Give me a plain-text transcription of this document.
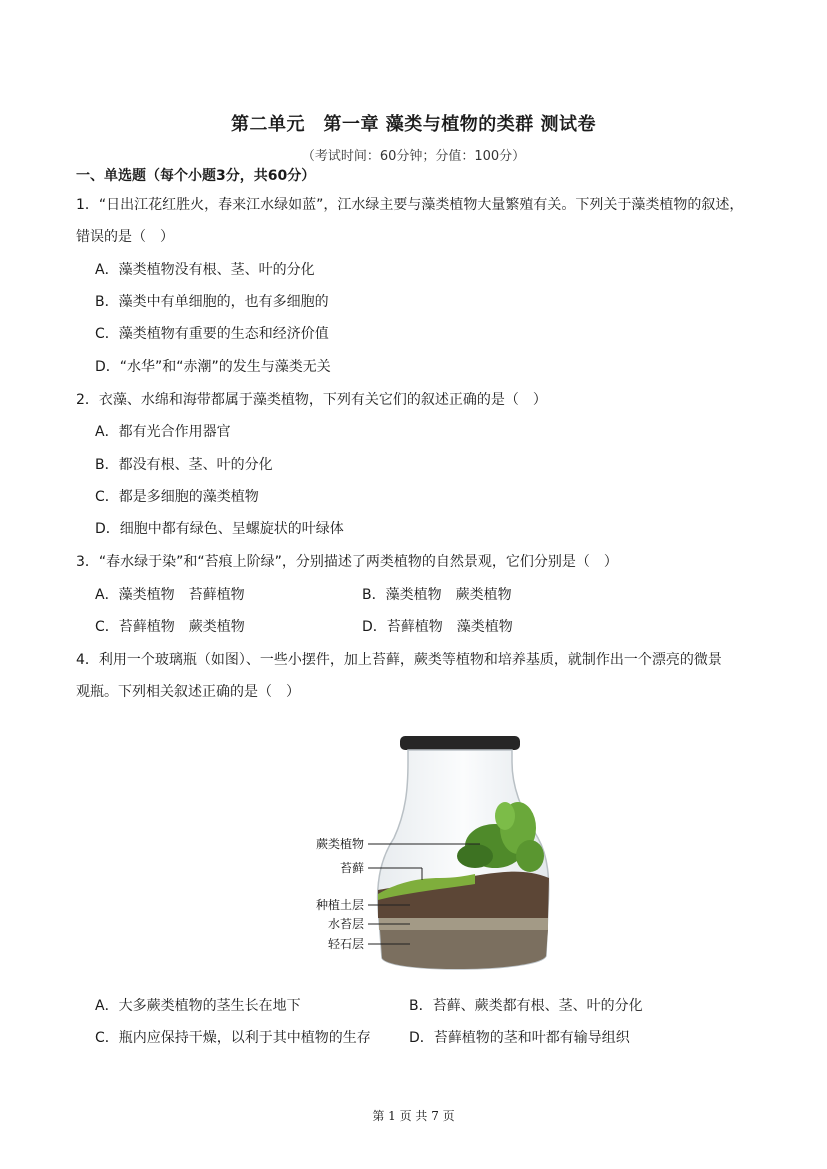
第二单元　第一章 藻类与植物的类群 测试卷
（考试时间：60分钟；分值：100分）
一、单选题（每个小题3分，共60分）
1．“日出江花红胜火，春来江水绿如蓝”，江水绿主要与藻类植物大量繁殖有关。下列关于藻类植物的叙述，
错误的是（　）
A．藻类植物没有根、茎、叶的分化
B．藻类中有单细胞的，也有多细胞的
C．藻类植物有重要的生态和经济价值
D．“水华”和“赤潮”的发生与藻类无关
2．衣藻、水绵和海带都属于藻类植物，下列有关它们的叙述正确的是（　）
A．都有光合作用器官
B．都没有根、茎、叶的分化
C．都是多细胞的藻类植物
D．细胞中都有绿色、呈螺旋状的叶绿体
3．“春水绿于染”和“苔痕上阶绿”，分别描述了两类植物的自然景观，它们分别是（　）
A．藻类植物　苔藓植物	B．藻类植物　蕨类植物
C．苔藓植物　蕨类植物	D．苔藓植物　藻类植物
4．利用一个玻璃瓶（如图）、一些小摆件，加上苔藓，蕨类等植物和培养基质，就制作出一个漂亮的微景
观瓶。下列相关叙述正确的是（　）
蕨类植物
苔藓
种植土层
水苔层
轻石层
A．大多蕨类植物的茎生长在地下	B．苔藓、蕨类都有根、茎、叶的分化
C．瓶内应保持干燥，以利于其中植物的生存	D．苔藓植物的茎和叶都有输导组织
第 1 页 共 7 页
